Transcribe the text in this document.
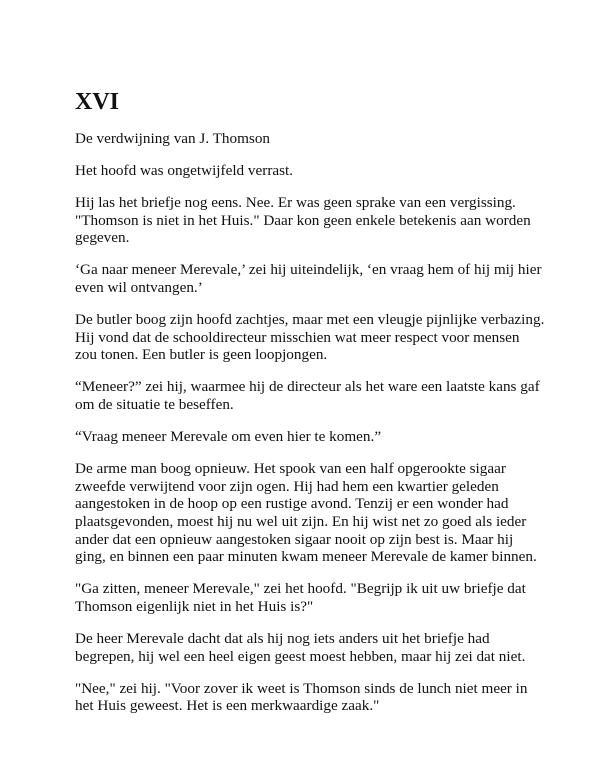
XVI

De verdwijning van J. Thomson

Het hoofd was ongetwijfeld verrast.

Hij las het briefje nog eens. Nee. Er was geen sprake van een vergissing. "Thomson is niet in het Huis." Daar kon geen enkele betekenis aan worden gegeven.

‘Ga naar meneer Merevale,’ zei hij uiteindelijk, ‘en vraag hem of hij mij hier even wil ontvangen.’

De butler boog zijn hoofd zachtjes, maar met een vleugje pijnlijke verbazing. Hij vond dat de schooldirecteur misschien wat meer respect voor mensen zou tonen. Een butler is geen loopjongen.

“Meneer?” zei hij, waarmee hij de directeur als het ware een laatste kans gaf om de situatie te beseffen.

“Vraag meneer Merevale om even hier te komen.”

De arme man boog opnieuw. Het spook van een half opgerookte sigaar zweefde verwijtend voor zijn ogen. Hij had hem een kwartier geleden aangestoken in de hoop op een rustige avond. Tenzij er een wonder had plaatsgevonden, moest hij nu wel uit zijn. En hij wist net zo goed als ieder ander dat een opnieuw aangestoken sigaar nooit op zijn best is. Maar hij ging, en binnen een paar minuten kwam meneer Merevale de kamer binnen.

"Ga zitten, meneer Merevale," zei het hoofd. "Begrijp ik uit uw briefje dat Thomson eigenlijk niet in het Huis is?"

De heer Merevale dacht dat als hij nog iets anders uit het briefje had begrepen, hij wel een heel eigen geest moest hebben, maar hij zei dat niet.

"Nee," zei hij. "Voor zover ik weet is Thomson sinds de lunch niet meer in het Huis geweest. Het is een merkwaardige zaak."
